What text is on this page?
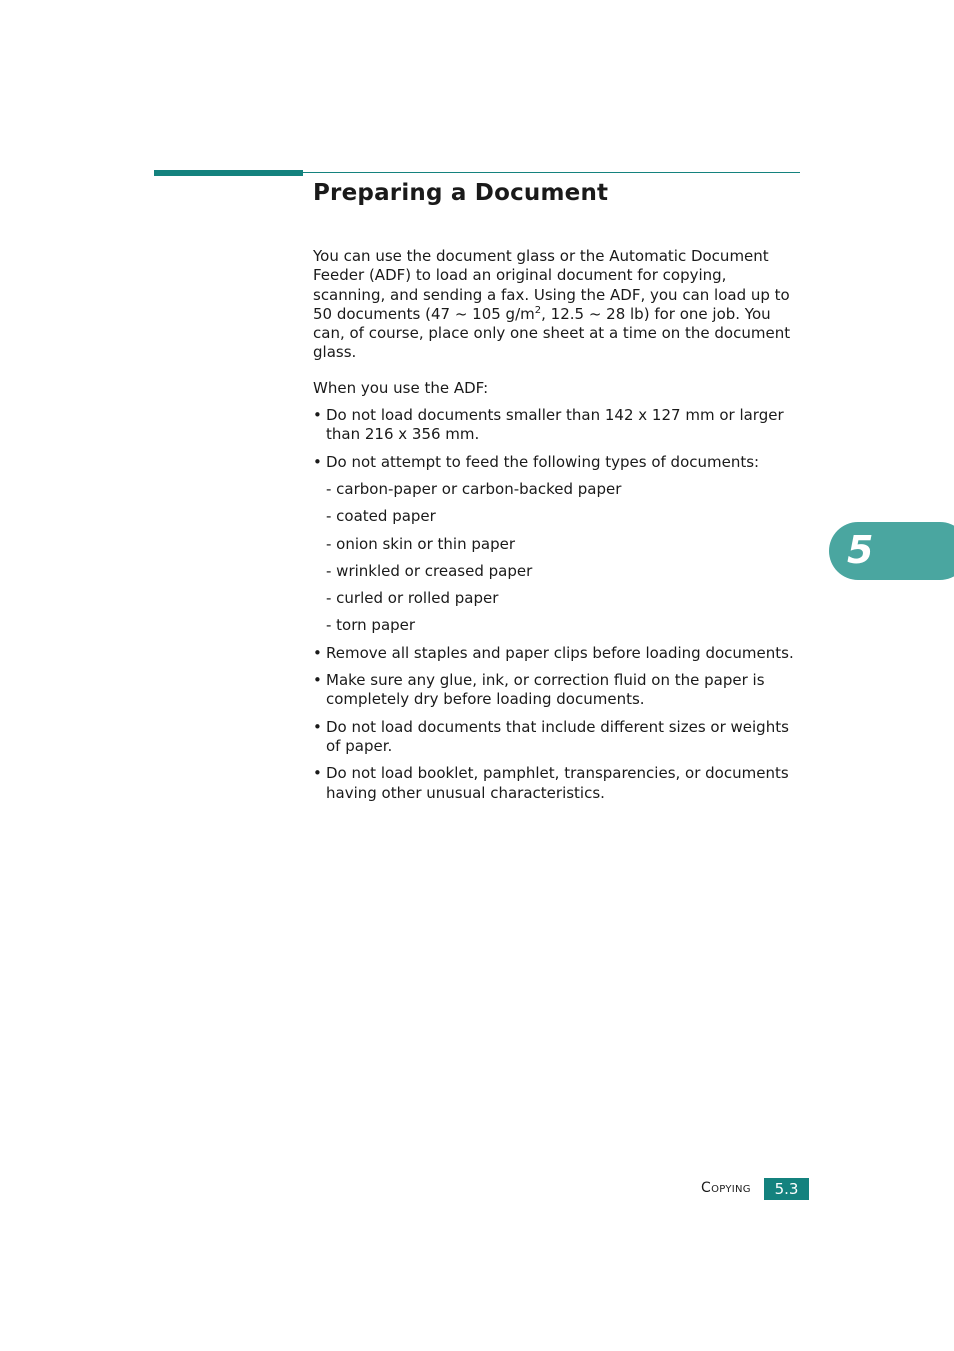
Preparing a Document

You can use the document glass or the Automatic Document Feeder (ADF) to load an original document for copying, scanning, and sending a fax. Using the ADF, you can load up to 50 documents (47 ~ 105 $g/m^2$, 12.5 ~ 28 lb) for one job. You can, of course, place only one sheet at a time on the document glass.

When you use the ADF:

• Do not load documents smaller than 142 x 127 mm or larger than 216 x 356 mm.
• Do not attempt to feed the following types of documents:
- carbon-paper or carbon-backed paper
- coated paper
- onion skin or thin paper
- wrinkled or creased paper
- curled or rolled paper
- torn paper
• Remove all staples and paper clips before loading documents.
• Make sure any glue, ink, or correction fluid on the paper is completely dry before loading documents.
• Do not load documents that include different sizes or weights of paper.
• Do not load booklet, pamphlet, transparencies, or documents having other unusual characteristics.
5
Copying	5.3
